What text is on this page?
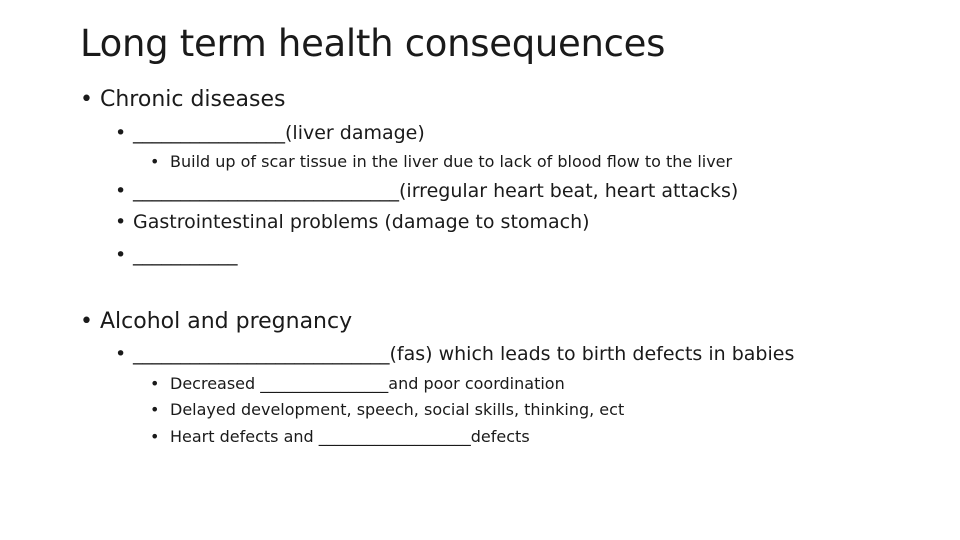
Long term health consequences
• Chronic diseases
• ________________(liver damage)
• Build up of scar tissue in the liver due to lack of blood flow to the liver
• ____________________________(irregular heart beat, heart attacks)
• Gastrointestinal problems (damage to stomach)
• ___________
• Alcohol and pregnancy
• ___________________________(fas) which leads to birth defects in babies
• Decreased ________________and poor coordination
• Delayed development, speech, social skills, thinking, ect
• Heart defects and ___________________defects
